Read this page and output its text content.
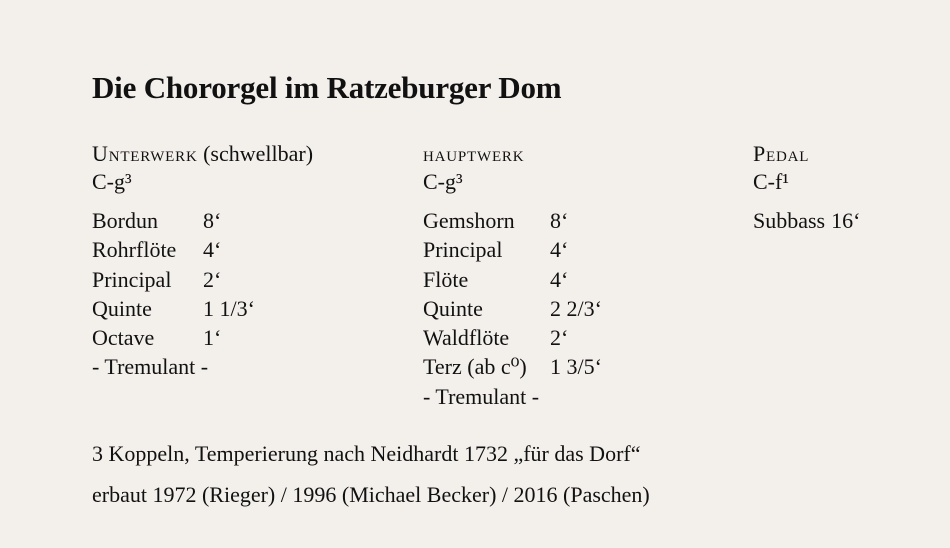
Die Chororgel im Ratzeburger Dom
Unterwerk (schwellbar)
C-g³
Bordun 8‘
Rohrflöte 4‘
Principal 2‘
Quinte 1 1/3‘
Octave 1‘
- Tremulant -
hauptwerk
C-g³
Gemshorn 8‘
Principal 4‘
Flöte	4‘
Quinte	2 2/3‘
Waldflöte 2‘
Terz (ab c⁰) 1 3/5‘
- Tremulant -
Pedal
C-f¹
Subbass 16‘
3 Koppeln, Temperierung nach Neidhardt 1732 „für das Dorf“
erbaut 1972 (Rieger) / 1996 (Michael Becker) / 2016 (Paschen)
